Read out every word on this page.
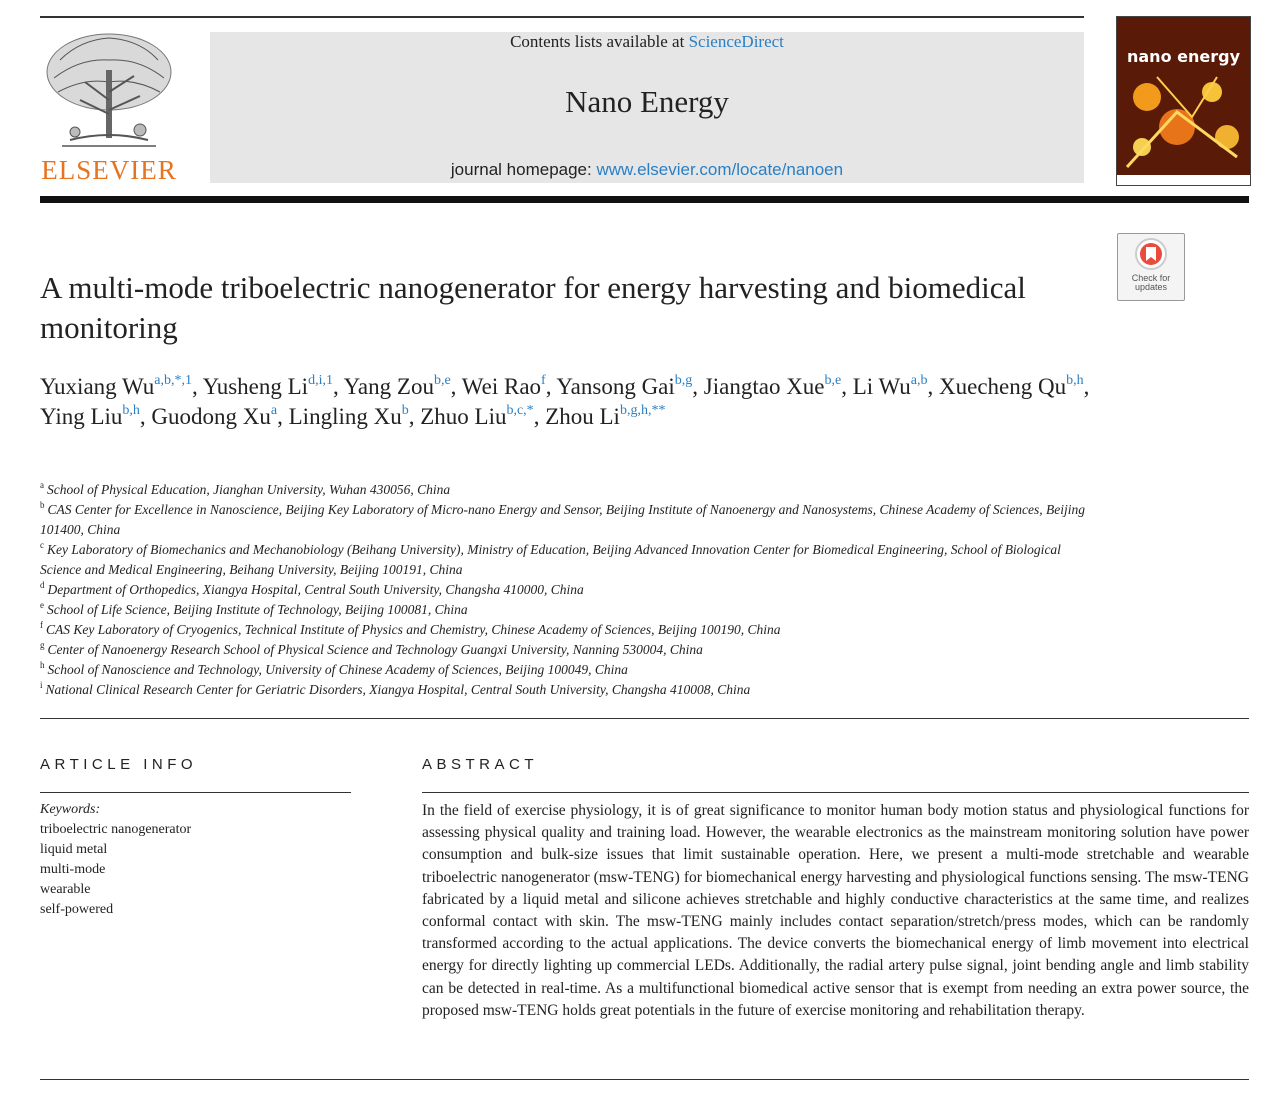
ELSEVIER
Contents lists available at ScienceDirect
Nano Energy
journal homepage: www.elsevier.com/locate/nanoen
nano energy
Check for updates
A multi-mode triboelectric nanogenerator for energy harvesting and biomedical monitoring
Yuxiang $Wu^{a,b,*,1}$, Yusheng Li$^{d,i,1}$, Yang Zou$^{b,e}$, Wei Rao$^f$, Yansong Gai$^{b,g}$, Jiangtao Xue$^{b,e}$, Li Wu$^{a,b}$, Xuecheng Qu$^{b,h}$, Ying Liu$^{b,h}$, Guodong Xu$^a$, Lingling Xu$^b$, Zhuo Liu$^{b,c,*}$, Zhou $Li^{b,g,h,**}$
$^a$ School of Physical Education, Jianghan University, Wuhan 430056, China
$^b$ CAS Center for Excellence in Nanoscience, Beijing Key Laboratory of Micro-nano Energy and Sensor, Beijing Institute of Nanoenergy and Nanosystems, Chinese Academy of Sciences, Beijing 101400, China
$^c$ Key Laboratory of Biomechanics and Mechanobiology (Beihang University), Ministry of Education, Beijing Advanced Innovation Center for Biomedical Engineering, School of Biological Science and Medical Engineering, Beihang University, Beijing 100191, China
$^d$ Department of Orthopedics, Xiangya Hospital, Central South University, Changsha 410000, China
$^e$ School of Life Science, Beijing Institute of Technology, Beijing 100081, China
$^f$ CAS Key Laboratory of Cryogenics, Technical Institute of Physics and Chemistry, Chinese Academy of Sciences, Beijing 100190, China
$^g$ Center of Nanoenergy Research School of Physical Science and Technology Guangxi University, Nanning 530004, China
$^h$ School of Nanoscience and Technology, University of Chinese Academy of Sciences, Beijing 100049, China
$^i$ National Clinical Research Center for Geriatric Disorders, Xiangya Hospital, Central South University, Changsha 410008, China
ARTICLE INFO
Keywords:
triboelectric nanogenerator
liquid metal
multi-mode
wearable
self-powered
ABSTRACT
In the field of exercise physiology, it is of great significance to monitor human body motion status and physiological functions for assessing physical quality and training load. However, the wearable electronics as the mainstream monitoring solution have power consumption and bulk-size issues that limit sustainable operation. Here, we present a multi-mode stretchable and wearable triboelectric nanogenerator (msw-TENG) for biomechanical energy harvesting and physiological functions sensing. The msw-TENG fabricated by a liquid metal and silicone achieves stretchable and highly conductive characteristics at the same time, and realizes conformal contact with skin. The msw-TENG mainly includes contact separation/stretch/press modes, which can be randomly transformed according to the actual applications. The device converts the biomechanical energy of limb movement into electrical energy for directly lighting up commercial LEDs. Additionally, the radial artery pulse signal, joint bending angle and limb stability can be detected in real-time. As a multifunctional biomedical active sensor that is exempt from needing an extra power source, the proposed msw-TENG holds great potentials in the future of exercise monitoring and rehabilitation therapy.
